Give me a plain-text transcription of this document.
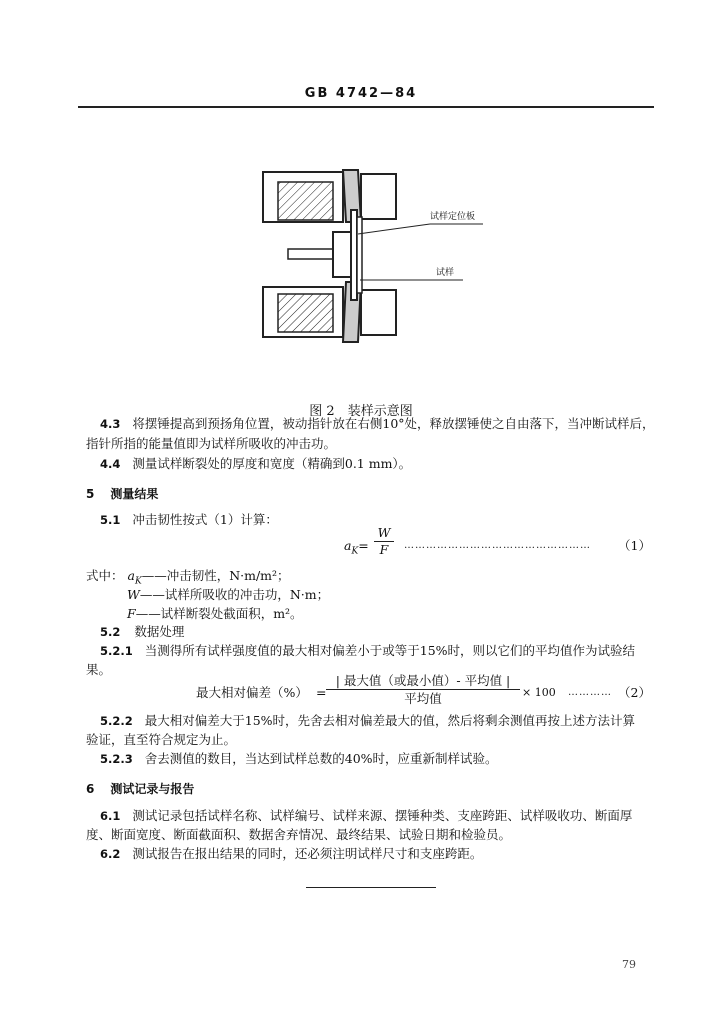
GB 4742—84
试样定位板
试样
图 2　装样示意图
4.3 将摆锤提高到预扬角位置，被动指针放在右侧10°处，释放摆锤使之自由落下，当冲断试样后，
指针所指的能量值即为试样所吸收的冲击功。
4.4 测量试样断裂处的厚度和宽度（精确到0.1 mm）。
5 测量结果
5.1 冲击韧性按式（1）计算：
$a_K= \frac{W}{F}$ …………………………………………… （1）
式中： $a_K——$冲击韧性，N·m/m²；
W——试样所吸收的冲击功，N·m；
F——试样断裂处截面积，m²。
5.2 数据处理
5.2.1 当测得所有试样强度值的最大相对偏差小于或等于15%时，则以它们的平均值作为试验结
果。
最大相对偏差（%） =
| 最大值（或最小值）- 平均值 |
平均值	× 100 ………… （2）
5.2.2 最大相对偏差大于15%时，先舍去相对偏差最大的值，然后将剩余测值再按上述方法计算
验证，直至符合规定为止。
5.2.3 舍去测值的数目，当达到试样总数的40%时，应重新制样试验。
6 测试记录与报告
6.1 测试记录包括试样名称、试样编号、试样来源、摆锤种类、支座跨距、试样吸收功、断面厚
度、断面宽度、断面截面积、数据舍弃情况、最终结果、试验日期和检验员。
6.2 测试报告在报出结果的同时，还必须注明试样尺寸和支座跨距。
79
